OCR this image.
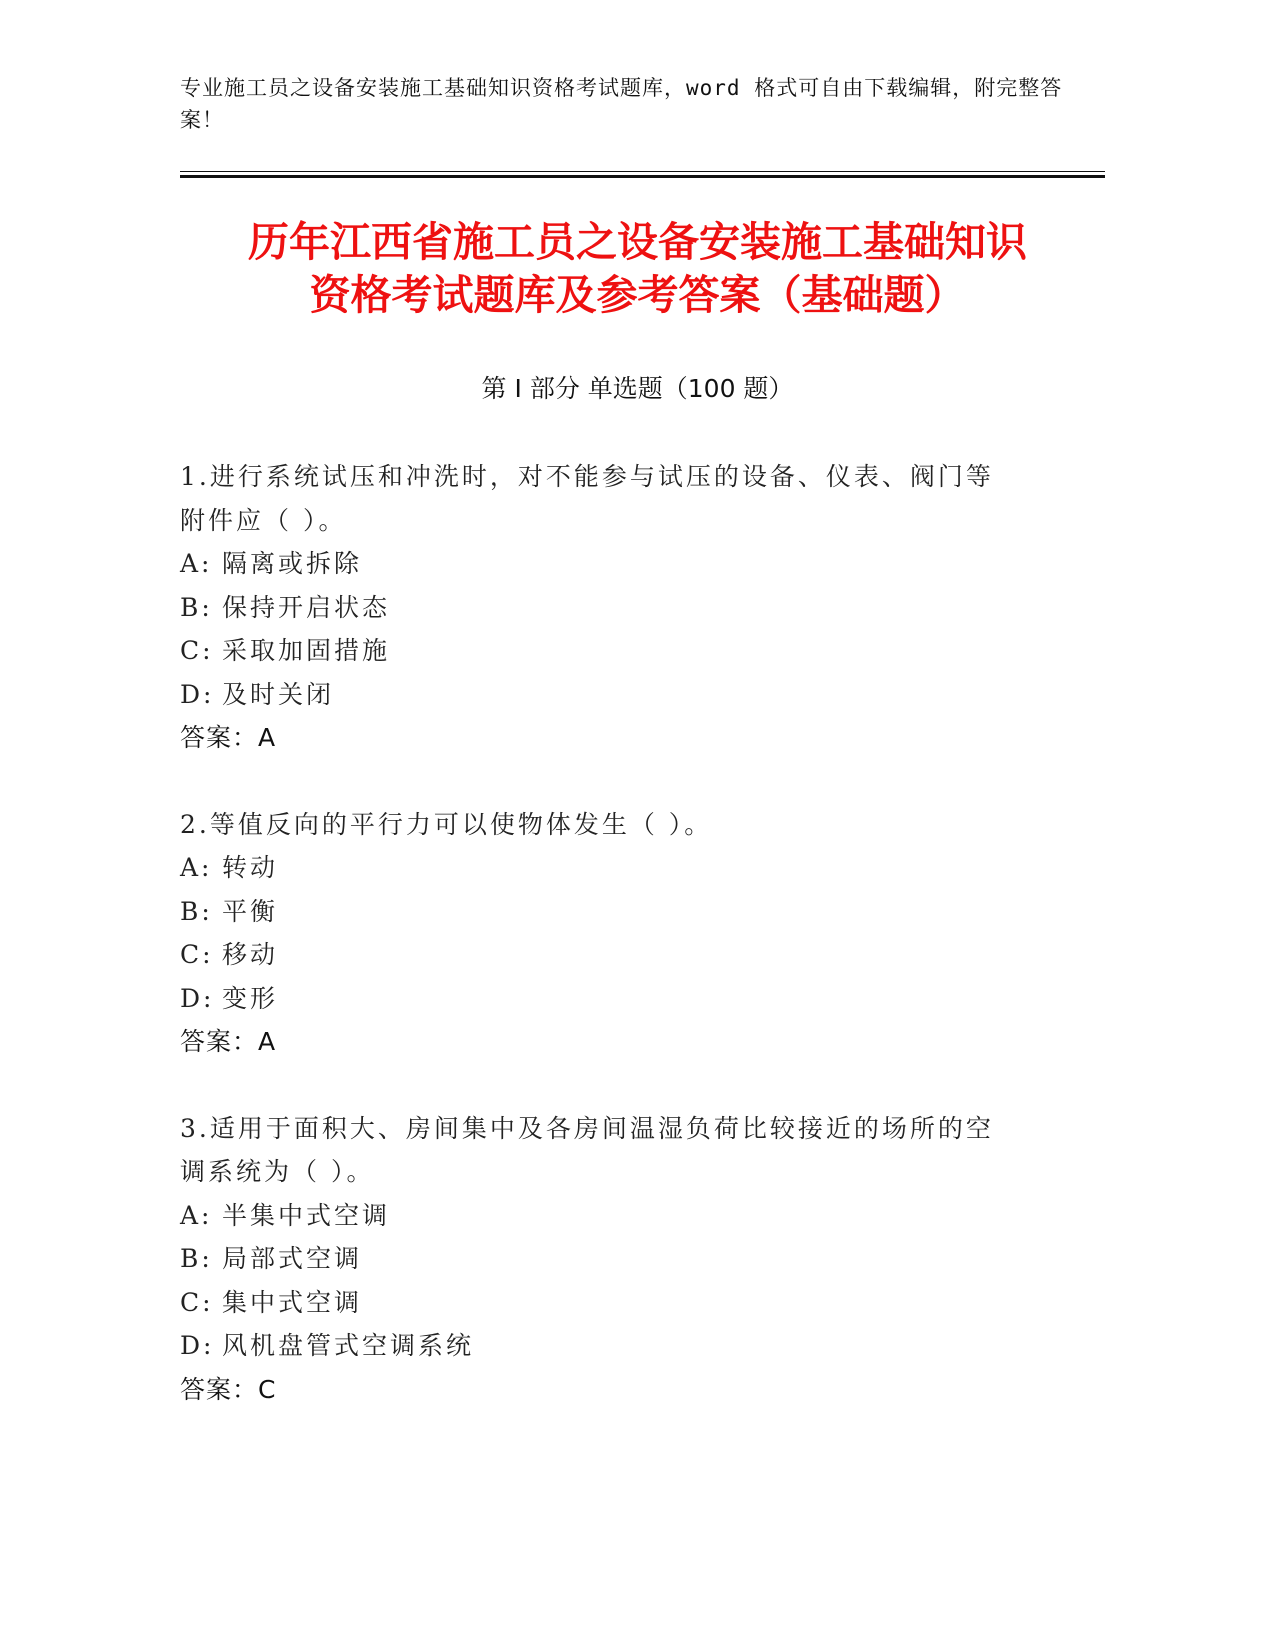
专业施工员之设备安装施工基础知识资格考试题库，word 格式可自由下载编辑，附完整答案！
历年江西省施工员之设备安装施工基础知识
资格考试题库及参考答案（基础题）
第 I 部分 单选题（100 题）

1.进行系统试压和冲洗时，对不能参与试压的设备、仪表、阀门等附件应（ ）。

A: 隔离或拆除

B: 保持开启状态

C: 采取加固措施

D: 及时关闭

答案：A

2.等值反向的平行力可以使物体发生（ ）。

A: 转动

B: 平衡

C: 移动

D: 变形

答案：A

3.适用于面积大、房间集中及各房间温湿负荷比较接近的场所的空调系统为（ ）。

A: 半集中式空调

B: 局部式空调

C: 集中式空调

D: 风机盘管式空调系统

答案：C
